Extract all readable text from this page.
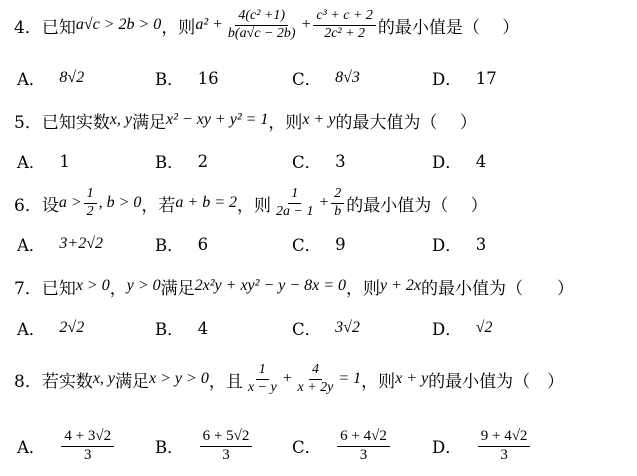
4．已知 a√c > 2b > 0 ，则 $a^2 + \frac{\text{4(c² +1)}}{b(a√c - 2b)} + \frac{\text{c³ + c + 2}}{\text{2c² + 2}}$ 的最小值是（　 ）
A． 8√2	B． 16	C． 8√3	D． 17
5．已知实数 x, y 满足 x² − xy + y² = 1 ，则 x + y 的最大值为（　 ）
A． 1	B． 2	C． 3	D． 4
6．设 $a > \frac{1}{2}$ , b > 0 ，若 a + b = 2 ，则 $\frac{1}{2a - 1} + \frac{2}{b}$ 的最小值为（　 ）
A． 3+2√2	B． 6	C． 9	D． 3
7．已知 x > 0 ， y > 0 满足 2x²y + xy² − y − 8x = 0 ，则 y + 2x 的最小值为（　　）
A． 2√2	B． 4	C． 3√2	D． √2
8．若实数 x, y 满足 x > y > 0 ，且 $\frac{1}{x - y} + \frac{4}{x + 2y} = 1$ ，则 x + y 的最小值为（　）
A． $\frac{4 + 3√2}{3}$ B． $\frac{6 + 5√2}{3}$ C． $\frac{6 + 4√2}{3}$	D． $\frac{9 + 4√2}{3}$
